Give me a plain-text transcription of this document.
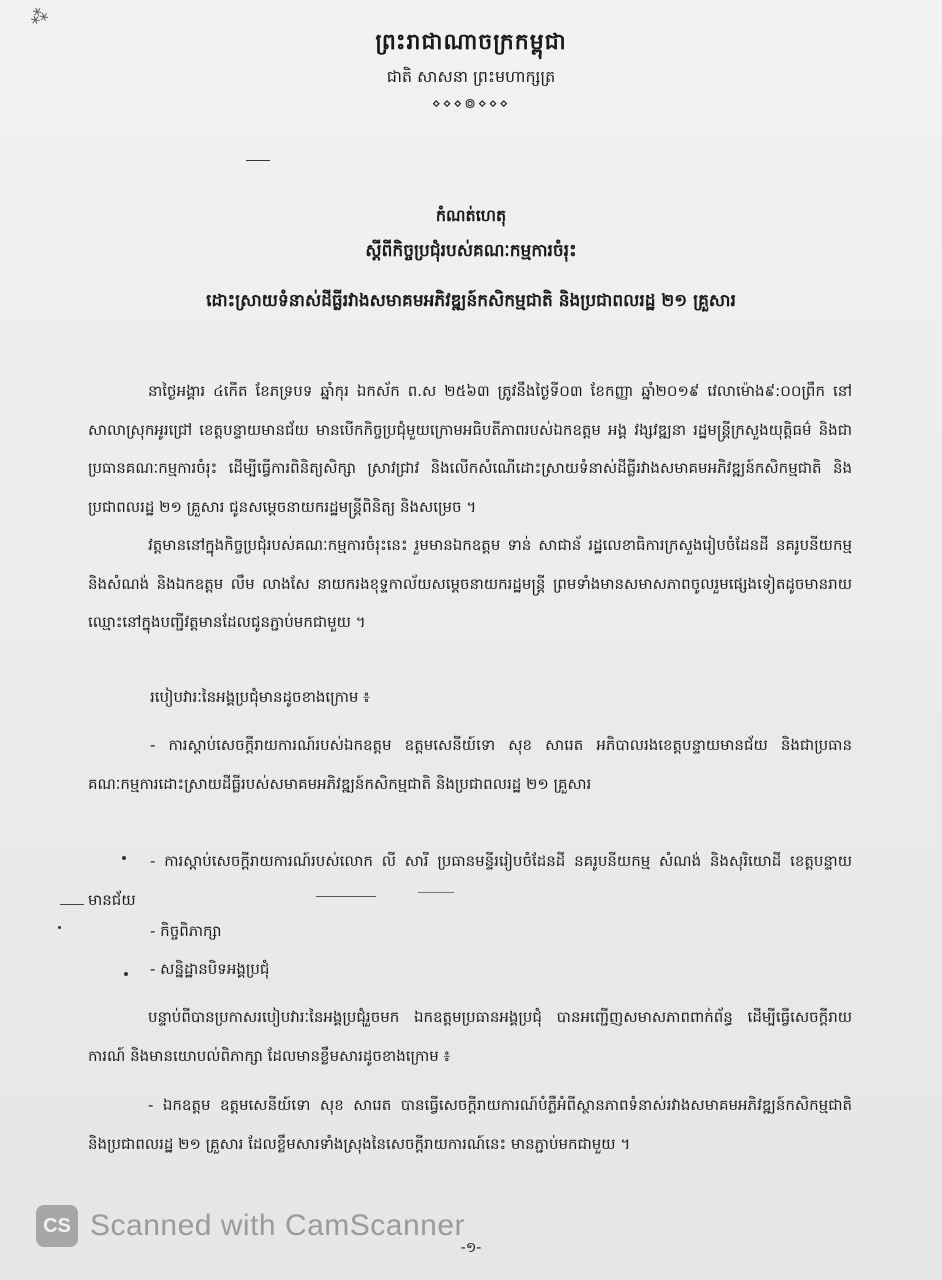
⁂
ព្រះរាជាណាចក្រកម្ពុជា
ជាតិ សាសនា ព្រះមហាក្សត្រ
⋄⋄⋄៙⋄⋄⋄
កំណត់ហេតុ
ស្តីពីកិច្ចប្រជុំរបស់គណៈកម្មការចំរុះ
ដោះស្រាយទំនាស់ដីធ្លីរវាងសមាគមអភិវឌ្ឍន៍កសិកម្មជាតិ និងប្រជាពលរដ្ឋ ២១ គ្រួសារ
នាថ្ងៃអង្គារ ៤កើត ខែភទ្របទ ឆ្នាំកុរ ឯកស័ក ព.ស ២៥៦៣ ត្រូវនឹងថ្ងៃទី០៣ ខែកញ្ញា ឆ្នាំ២០១៩ វេលាម៉ោង៩:០០ព្រឹក នៅសាលាស្រុកអូរជ្រៅ ខេត្តបន្ទាយមានជ័យ មានបើកកិច្ចប្រជុំមួយក្រោមអធិបតីភាពរបស់ឯកឧត្តម អង្គ វង្សវឌ្ឍនា រដ្ឋមន្ត្រីក្រសួងយុត្តិធម៌ និងជាប្រធានគណៈកម្មការចំរុះ ដើម្បីធ្វើការពិនិត្យសិក្សា ស្រាវជ្រាវ និងលើកសំណើដោះស្រាយទំនាស់ដីធ្លីរវាងសមាគមអភិវឌ្ឍន៍កសិកម្មជាតិ និងប្រជាពលរដ្ឋ ២១ គ្រួសារ ជូនសម្តេចនាយករដ្ឋមន្ត្រីពិនិត្យ និងសម្រេច ។
វត្តមាននៅក្នុងកិច្ចប្រជុំរបស់គណៈកម្មការចំរុះនេះ រួមមានឯកឧត្តម ទាន់ សាជាន័ រដ្ឋលេខាធិការក្រសួងរៀបចំដែនដី នគរូបនីយកម្ម និងសំណង់ និងឯកឧត្តម លឹម លាងសែ នាយករងខុទ្ទកាល័យសម្តេចនាយករដ្ឋមន្ត្រី ព្រមទាំងមានសមាសភាពចូលរួមផ្សេងទៀតដូចមានរាយឈ្មោះនៅក្នុងបញ្ជីវត្តមានដែលជូនភ្ជាប់មកជាមួយ ។
របៀបវារៈនៃអង្គប្រជុំមានដូចខាងក្រោម ៖
- ការស្តាប់សេចក្តីរាយការណ៍របស់ឯកឧត្តម ឧត្តមសេនីយ៍ទោ សុខ សារេត អភិបាលរងខេត្តបន្ទាយមានជ័យ និងជាប្រធានគណៈកម្មការដោះស្រាយដីធ្លីរបស់សមាគមអភិវឌ្ឍន៍កសិកម្មជាតិ និងប្រជាពលរដ្ឋ ២១ គ្រួសារ
- ការស្តាប់សេចក្តីរាយការណ៍របស់លោក លី សារី ប្រធានមន្ទីររៀបចំដែនដី នគរូបនីយកម្ម សំណង់ និងសុរិយោដី ខេត្តបន្ទាយមានជ័យ
- កិច្ចពិភាក្សា
- សន្និដ្ឋានបិទអង្គប្រជុំ
បន្ទាប់ពីបានប្រកាសរបៀបវារៈនៃអង្គប្រជុំរួចមក ឯកឧត្តមប្រធានអង្គប្រជុំ បានអញ្ជើញសមាសភាពពាក់ព័ន្ធ ដើម្បីធ្វើសេចក្តីរាយការណ៍ និងមានយោបល់ពិភាក្សា ដែលមានខ្លឹមសារដូចខាងក្រោម ៖
- ឯកឧត្តម ឧត្តមសេនីយ៍ទោ សុខ សារេត បានធ្វើសេចក្តីរាយការណ៍បំភ្លឺអំពីស្ថានភាពទំនាស់រវាងសមាគមអភិវឌ្ឍន៍កសិកម្មជាតិ និងប្រជាពលរដ្ឋ ២១ គ្រួសារ ដែលខ្លឹមសារទាំងស្រុងនៃសេចក្តីរាយការណ៍នេះ មានភ្ជាប់មកជាមួយ ។
CS Scanned with CamScanner
-១-
